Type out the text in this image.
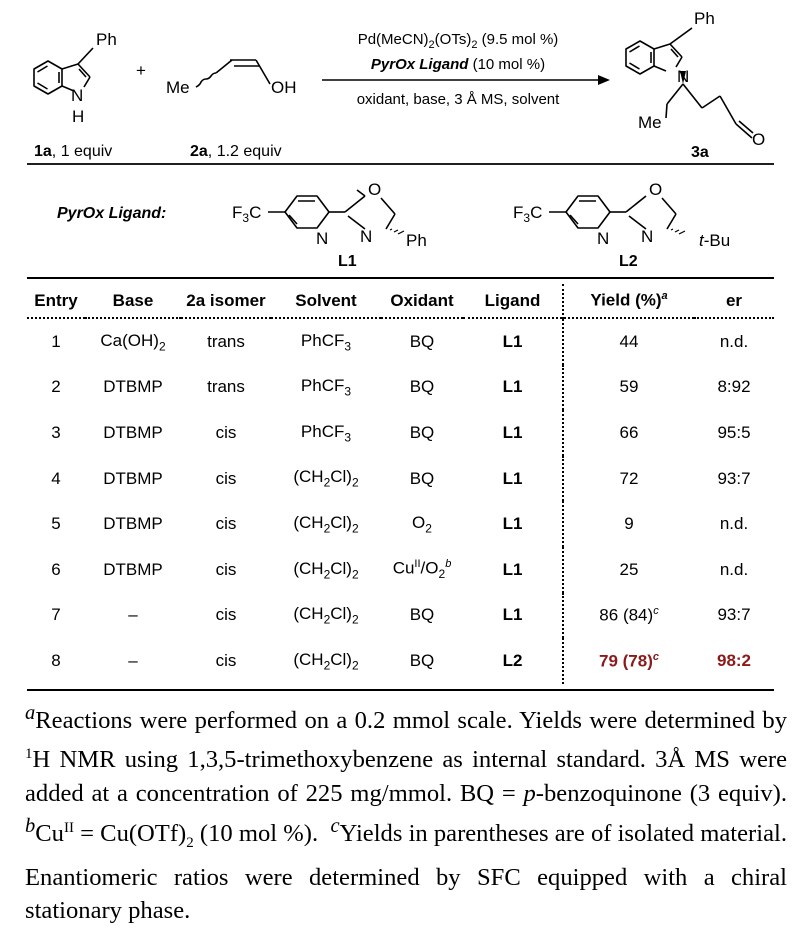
Ph
N
H
1a, 1 equiv
+
Me	OH
2a, 1.2 equiv
$Pd(MeCN)_2(OTs)_2$ (9.5 mol %)
PyrOx Ligand (10 mol %)
oxidant, base, 3 Å MS, solvent
Ph
N
Me
O
3a
PyrOx Ligand:	$F_3C$
N N
O
Ph
L1
$F_3C$
N N
O
t-Bu
L2
Entry	Base	2a isomer	Solvent	Oxidant	Ligand	Yield (%)$^a$	er
1	$Ca(OH)_2$	trans	PhCF$_3$	BQ	L1	44	n.d.
2	DTBMP	trans	PhCF$_3$	BQ	L1	59	8:92
3	DTBMP	cis	PhCF$_3$	BQ	L1	66	95:5
4	DTBMP	cis	$(CH_2Cl)_2$	BQ	L1	72	93:7
5	DTBMP	cis	$(CH_2Cl)_2$	$O_2$	L1	9	n.d.
6	DTBMP	cis	$(CH_2Cl)_2$	$Cu^{II}/O_2^b$	L1	25	n.d.
7	–	cis	$(CH_2Cl)_2$	BQ	L1	86 $(84)^c$	93:7
8	–	cis	$(CH_2Cl)_2$	BQ	L2	79 $(78)^c$	98:2

$^a$Reactions were performed on a 0.2 mmol scale. Yields were determined by $^1$H NMR using 1,3,5-trimethoxybenzene as internal standard. 3Å MS were added at a concentration of 225 mg/mmol. BQ = p-benzoquinone (3 equiv). $^bCu^{II} = Cu(OTf)_2$ (10 mol %).  $^c$Yields in parentheses are of isolated material. Enantiomeric ratios were determined by SFC equipped with a chiral stationary phase.
